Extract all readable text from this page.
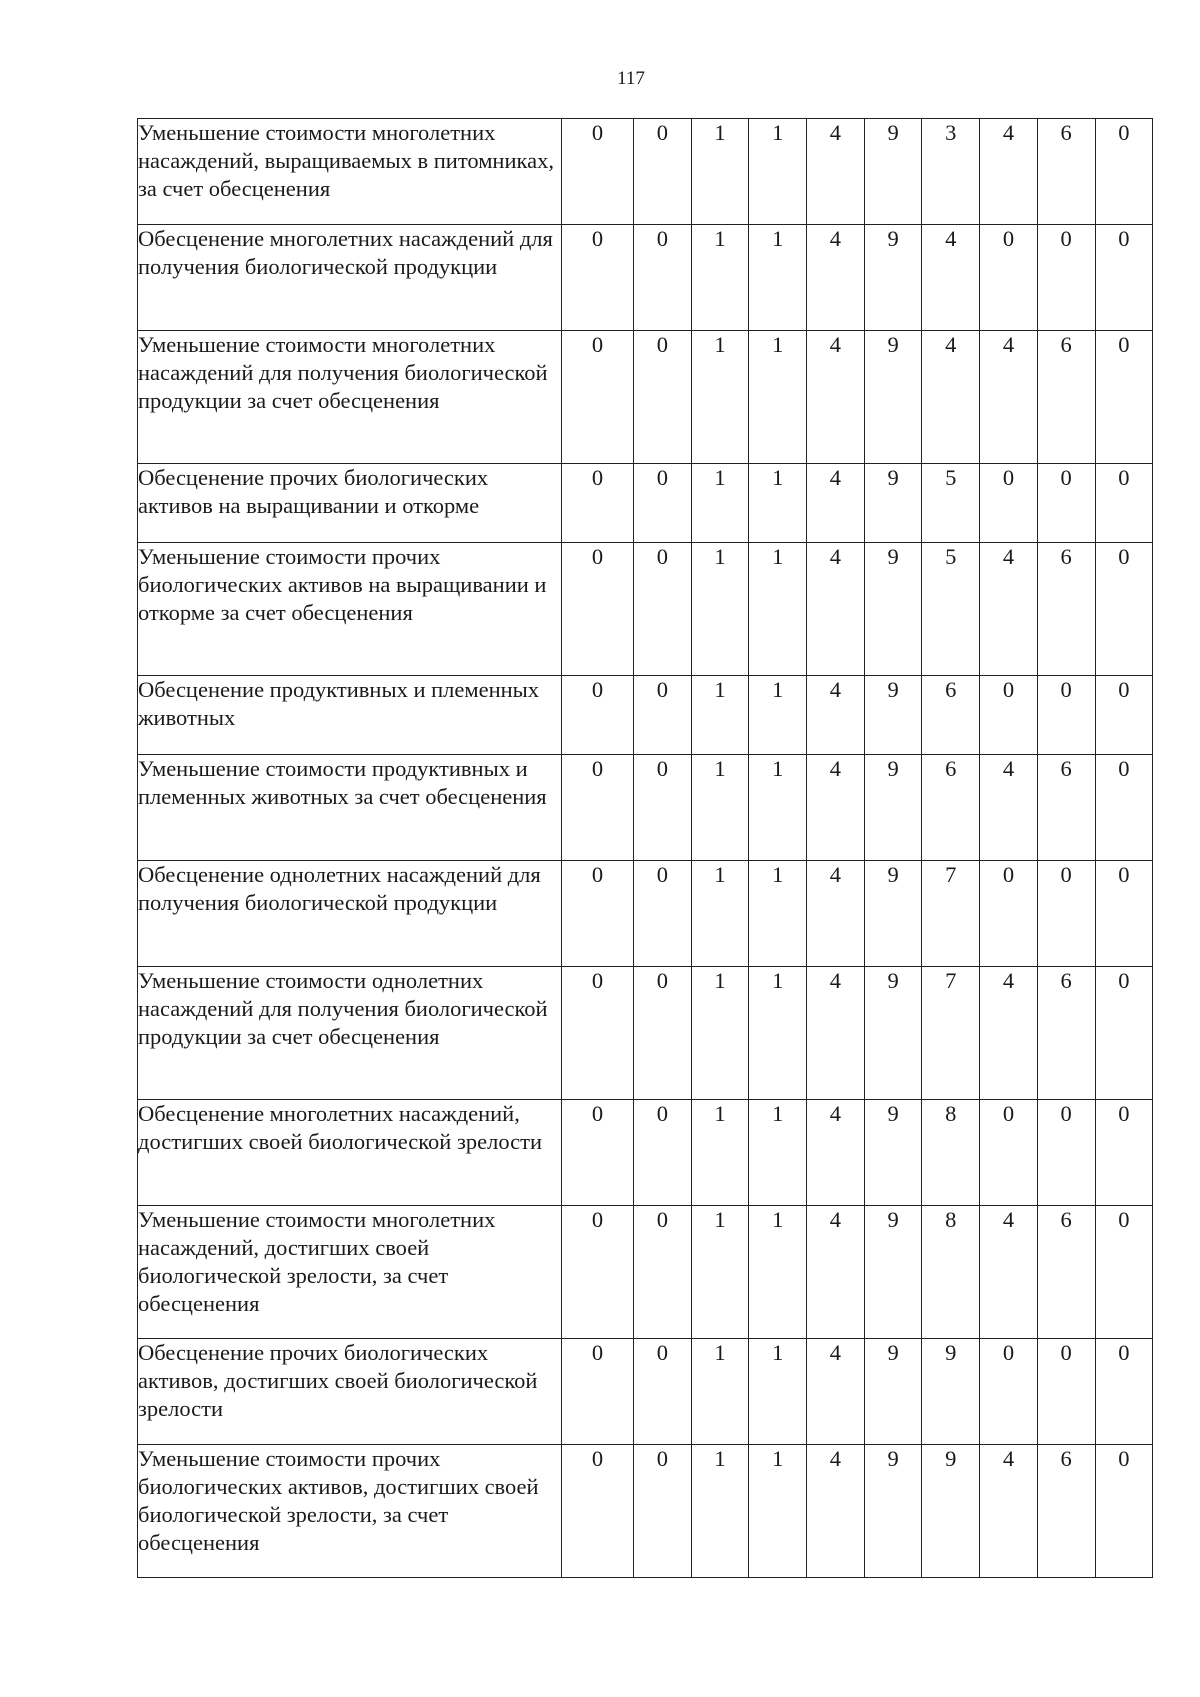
117
Уменьшение стоимости многолетних насаждений, выращиваемых в питомниках, за счет обесценения	0	0	1	1	4	9	3	4	6	0
Обесценение многолетних насаждений для получения биологической продукции	0	0	1	1	4	9	4	0	0	0
Уменьшение стоимости многолетних насаждений для получения биологической продукции за счет обесценения	0	0	1	1	4	9	4	4	6	0
Обесценение прочих биологических активов на выращивании и откорме	0	0	1	1	4	9	5	0	0	0
Уменьшение стоимости прочих биологических активов на выращивании и откорме за счет обесценения	0	0	1	1	4	9	5	4	6	0
Обесценение продуктивных и племенных животных	0	0	1	1	4	9	6	0	0	0
Уменьшение стоимости продуктивных и племенных животных за счет обесценения	0	0	1	1	4	9	6	4	6	0
Обесценение однолетних насаждений для получения биологической продукции	0	0	1	1	4	9	7	0	0	0
Уменьшение стоимости однолетних насаждений для получения биологической продукции за счет обесценения	0	0	1	1	4	9	7	4	6	0
Обесценение многолетних насаждений, достигших своей биологической зрелости	0	0	1	1	4	9	8	0	0	0
Уменьшение стоимости многолетних насаждений, достигших своей биологической зрелости, за счет обесценения	0	0	1	1	4	9	8	4	6	0
Обесценение прочих биологических активов, достигших своей биологической зрелости	0	0	1	1	4	9	9	0	0	0
Уменьшение стоимости прочих биологических активов, достигших своей биологической зрелости, за счет обесценения	0	0	1	1	4	9	9	4	6	0
